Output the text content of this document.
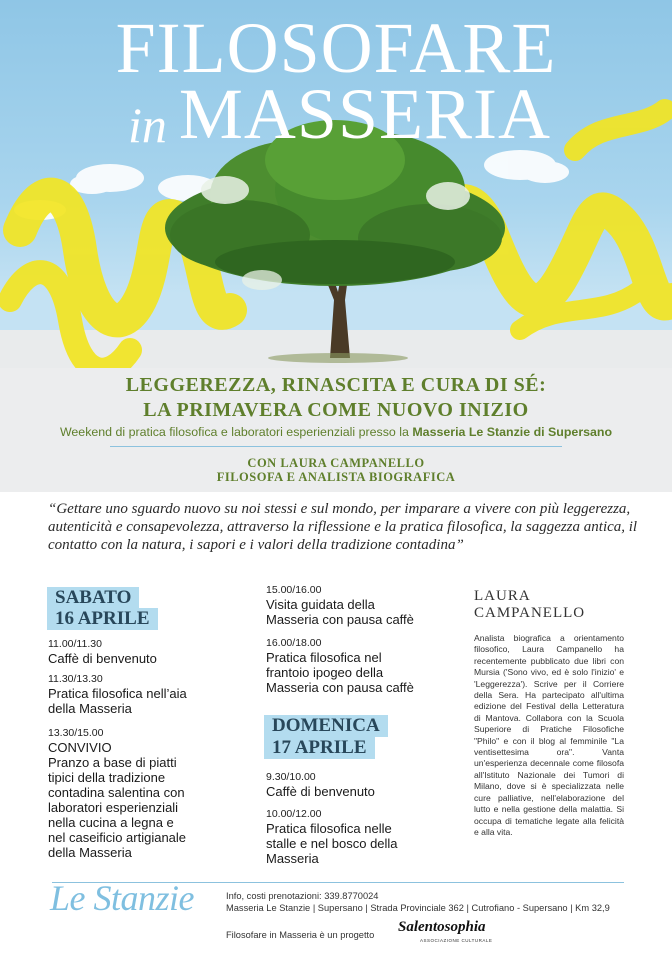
FILOSOFARE
in MASSERIA
LEGGEREZZA, RINASCITA E CURA DI SÉ:
LA PRIMAVERA COME NUOVO INIZIO
Weekend di pratica filosofica e laboratori esperienziali presso la Masseria Le Stanzie di Supersano
CON LAURA CAMPANELLO
FILOSOFA E ANALISTA BIOGRAFICA
“Gettare uno sguardo nuovo su noi stessi e sul mondo, per imparare a vivere con più leggerezza, autenticità e consapevolezza, attraverso la riflessione e la pratica filosofica, la saggezza antica, il contatto con la natura, i sapori e i valori della tradizione contadina”
SABATO
16 APRILE
11.00/11.30
Caffè di benvenuto
11.30/13.30
Pratica filosofica nell’aia
della Masseria
13.30/15.00
CONVIVIO
Pranzo a base di piatti
tipici della tradizione
contadina salentina con
laboratori esperienziali
nella cucina a legna e
nel caseificio artigianale
della Masseria
15.00/16.00
Visita guidata della
Masseria con pausa caffè
16.00/18.00
Pratica filosofica nel
frantoio ipogeo della
Masseria con pausa caffè
DOMENICA
17 APRILE
9.30/10.00
Caffè di benvenuto
10.00/12.00
Pratica filosofica nelle
stalle e nel bosco della
Masseria
LAURA
CAMPANELLO
Analista biografica a orientamento filosofico, Laura Campanello ha recentemente pubblicato due libri con Mursia ('Sono vivo, ed è solo l'inizio' e 'Leggerezza'). Scrive per il Corriere della Sera. Ha partecipato all'ultima edizione del Festival della Letteratura di Mantova. Collabora con la Scuola Superiore di Pratiche Filosofiche "Philo" e con il blog al femminile "La ventisettesima ora". Vanta un'esperienza decennale come filosofa all'Istituto Nazionale dei Tumori di Milano, dove si è specializzata nelle cure palliative, nell'elaborazione del lutto e nella gestione della malattia. Si occupa di tematiche legate alla felicità e alla vita.
Le Stanzie	Info, costi prenotazioni: 339.8770024
Masseria Le Stanzie | Supersano | Strada Provinciale 362 | Cutrofiano - Supersano | Km 32,9
Filosofare in Masseria è un progetto Salentosophia
ASSOCIAZIONE CULTURALE
